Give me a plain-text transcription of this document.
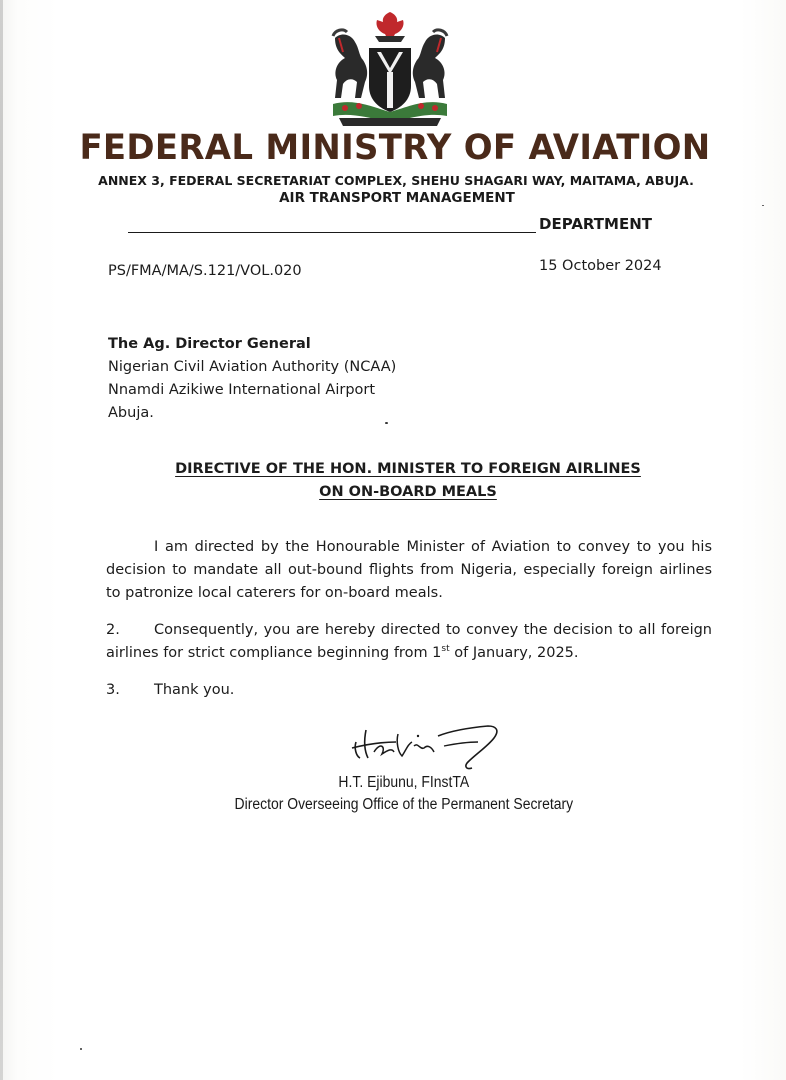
FEDERAL MINISTRY OF AVIATION
ANNEX 3, FEDERAL SECRETARIAT COMPLEX, SHEHU SHAGARI WAY, MAITAMA, ABUJA.
AIR TRANSPORT MANAGEMENT
DEPARTMENT
PS/FMA/MA/S.121/VOL.020	15 October 2024
The Ag. Director General
Nigerian Civil Aviation Authority (NCAA)
Nnamdi Azikiwe International Airport
Abuja.
DIRECTIVE OF THE HON. MINISTER TO FOREIGN AIRLINES
ON ON-BOARD MEALS
I am directed by the Honourable Minister of Aviation to convey to you his decision to mandate all out-bound flights from Nigeria, especially foreign airlines to patronize local caterers for on-board meals.
2. Consequently, you are hereby directed to convey the decision to all foreign airlines for strict compliance beginning from 1st of January, 2025.
3. Thank you.
H.T. Ejibunu, FInstTA
Director Overseeing Office of the Permanent Secretary
